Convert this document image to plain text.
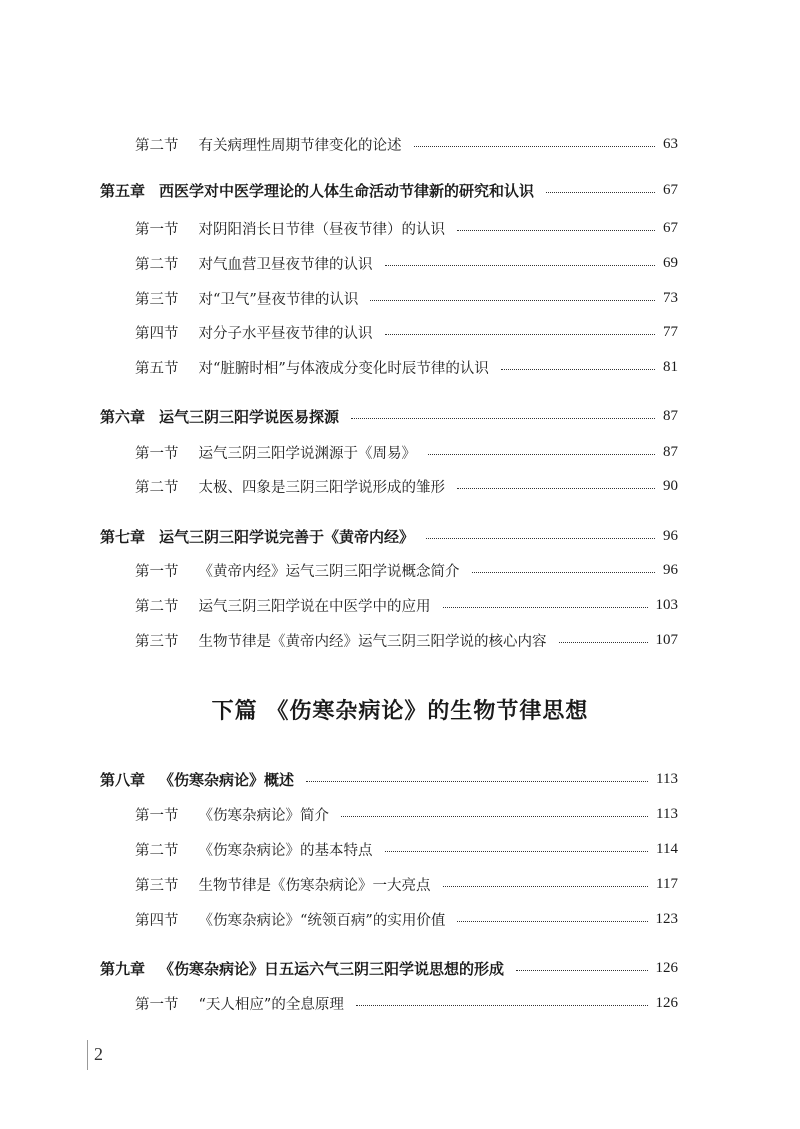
下篇 《伤寒杂病论》的生物节律思想
第二节 有关病理性周期节律变化的论述	63
第五章 西医学对中医学理论的人体生命活动节律新的研究和认识	67
第一节 对阴阳消长日节律（昼夜节律）的认识	67
第二节 对气血营卫昼夜节律的认识	69
第三节 对“卫气”昼夜节律的认识	73
第四节 对分子水平昼夜节律的认识	77
第五节 对“脏腑时相”与体液成分变化时辰节律的认识	81
第六章 运气三阴三阳学说医易探源	87
第一节 运气三阴三阳学说渊源于《周易》	87
第二节 太极、四象是三阴三阳学说形成的雏形	90
第七章 运气三阴三阳学说完善于《黄帝内经》	96
第一节 《黄帝内经》运气三阴三阳学说概念简介	96
第二节 运气三阴三阳学说在中医学中的应用	103
第三节 生物节律是《黄帝内经》运气三阴三阳学说的核心内容	107
第八章 《伤寒杂病论》概述	113
第一节 《伤寒杂病论》简介	113
第二节 《伤寒杂病论》的基本特点	114
第三节 生物节律是《伤寒杂病论》一大亮点	117
第四节 《伤寒杂病论》“统领百病”的实用价值	123
第九章 《伤寒杂病论》日五运六气三阴三阳学说思想的形成	126
第一节 “天人相应”的全息原理	126
2
